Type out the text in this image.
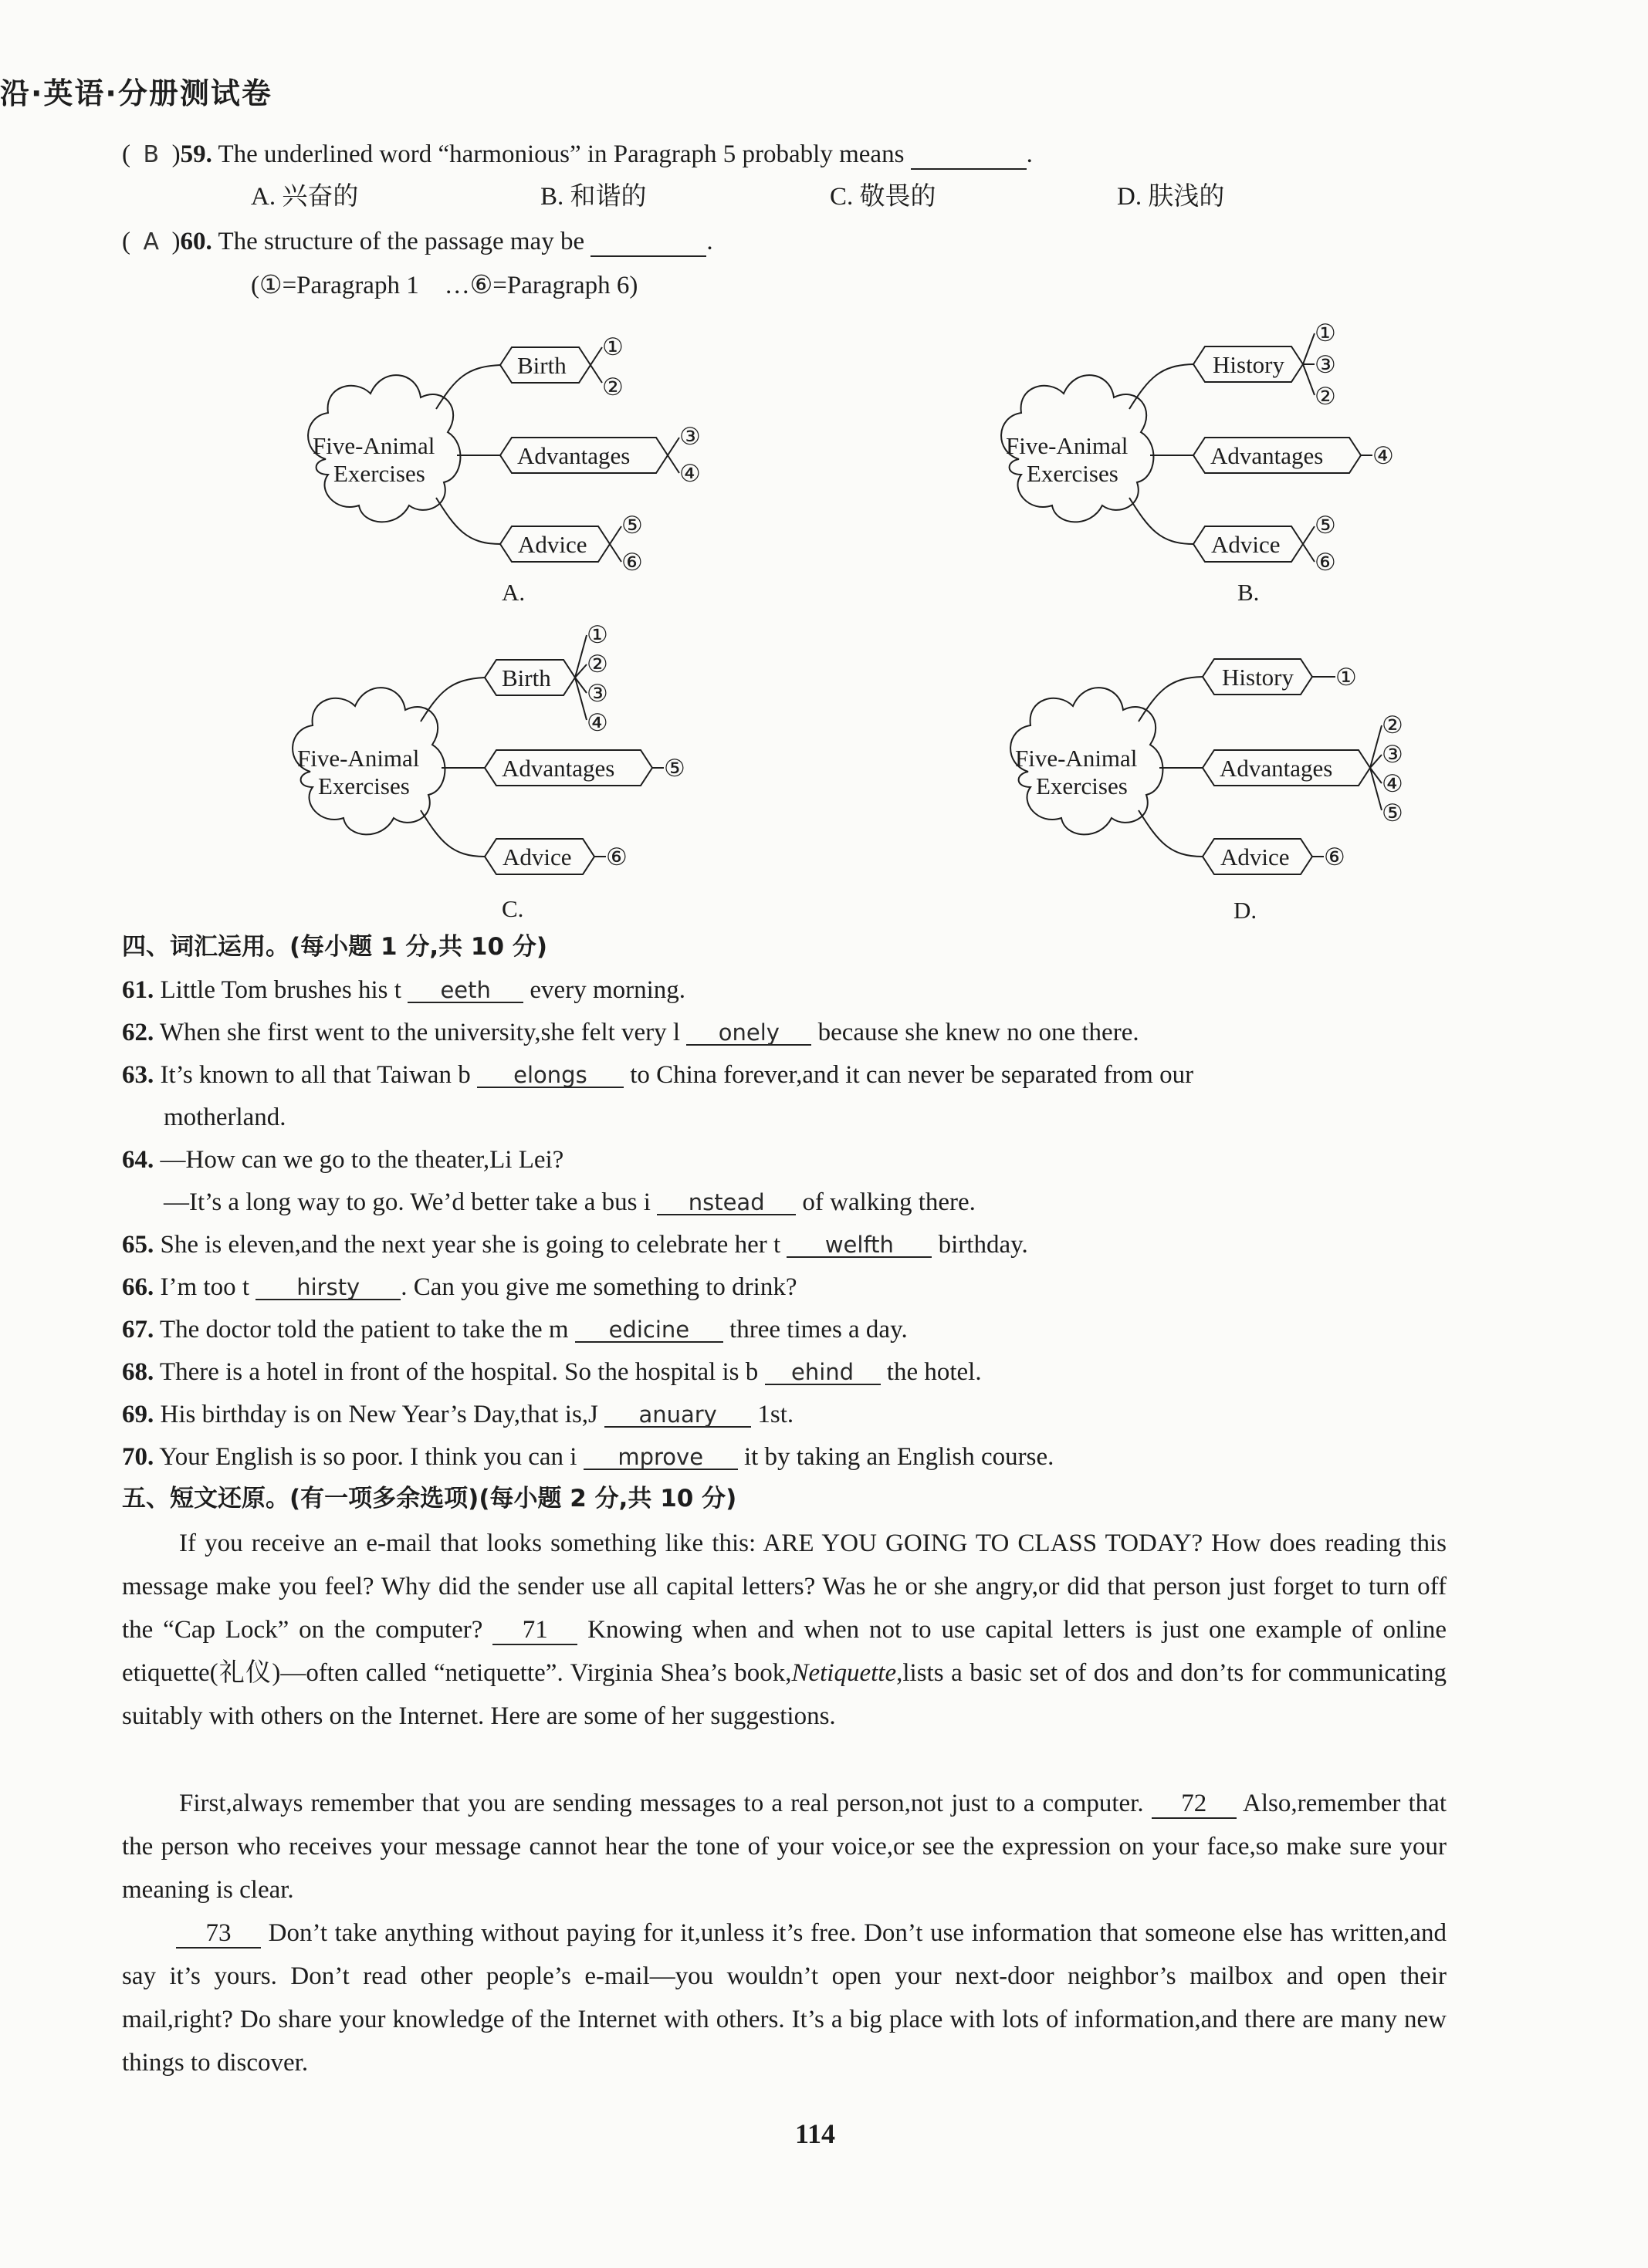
沿·英语·分册测试卷
( B )59. The underlined word “harmonious” in Paragraph 5 probably means	.
A. 兴奋的	B. 和谐的	C. 敬畏的	D. 肤浅的
( A )60. The structure of the passage may be	.
(①=Paragraph 1　…⑥=Paragraph 6)
Five-Animal
Exercises
Birth
Advantages
Advice
①
②
③
④
⑤
⑥
A.
Five-Animal
Exercises
History
Advantages
Advice
①
③
②
④
⑤
⑥
B.
Five-Animal
Exercises
Birth
Advantages
Advice
①
②
③
④
⑤
⑥
C.
Five-Animal
Exercises
History
Advantages
Advice
①
②
③
④
⑤
⑥
D.
四、词汇运用。(每小题 1 分,共 10 分)
61. Little Tom brushes his t eeth every morning.
62. When she first went to the university,she felt very l onely because she knew no one there.
63. It’s known to all that Taiwan b elongs to China forever,and it can never be separated from our
motherland.
64. —How can we go to the theater,Li Lei?
—It’s a long way to go. We’d better take a bus i nstead of walking there.
65. She is eleven,and the next year she is going to celebrate her t welfth birthday.
66. I’m too t hirsty . Can you give me something to drink?
67. The doctor told the patient to take the m edicine three times a day.
68. There is a hotel in front of the hospital. So the hospital is b ehind the hotel.
69. His birthday is on New Year’s Day,that is,J anuary 1st.
70. Your English is so poor. I think you can i mprove it by taking an English course.
五、短文还原。(有一项多余选项)(每小题 2 分,共 10 分)
If you receive an e-mail that looks something like this: ARE YOU GOING TO CLASS TODAY? How does reading this message make you feel? Why did the sender use all capital letters? Was he or she angry,or did that person just forget to turn off the “Cap Lock” on the computer? 71 Knowing when and when not to use capital letters is just one example of online etiquette(礼仪)—often called “netiquette”. Virginia Shea’s book,Netiquette,lists a basic set of dos and don’ts for communicating suitably with others on the Internet. Here are some of her suggestions.
First,always remember that you are sending messages to a real person,not just to a computer. 72 Also,remember that the person who receives your message cannot hear the tone of your voice,or see the expression on your face,so make sure your meaning is clear.
73 Don’t take anything without paying for it,unless it’s free. Don’t use information that someone else has written,and say it’s yours. Don’t read other people’s e-mail—you wouldn’t open your next-door neighbor’s mailbox and open their mail,right? Do share your knowledge of the Internet with others. It’s a big place with lots of information,and there are many new things to discover.
114
